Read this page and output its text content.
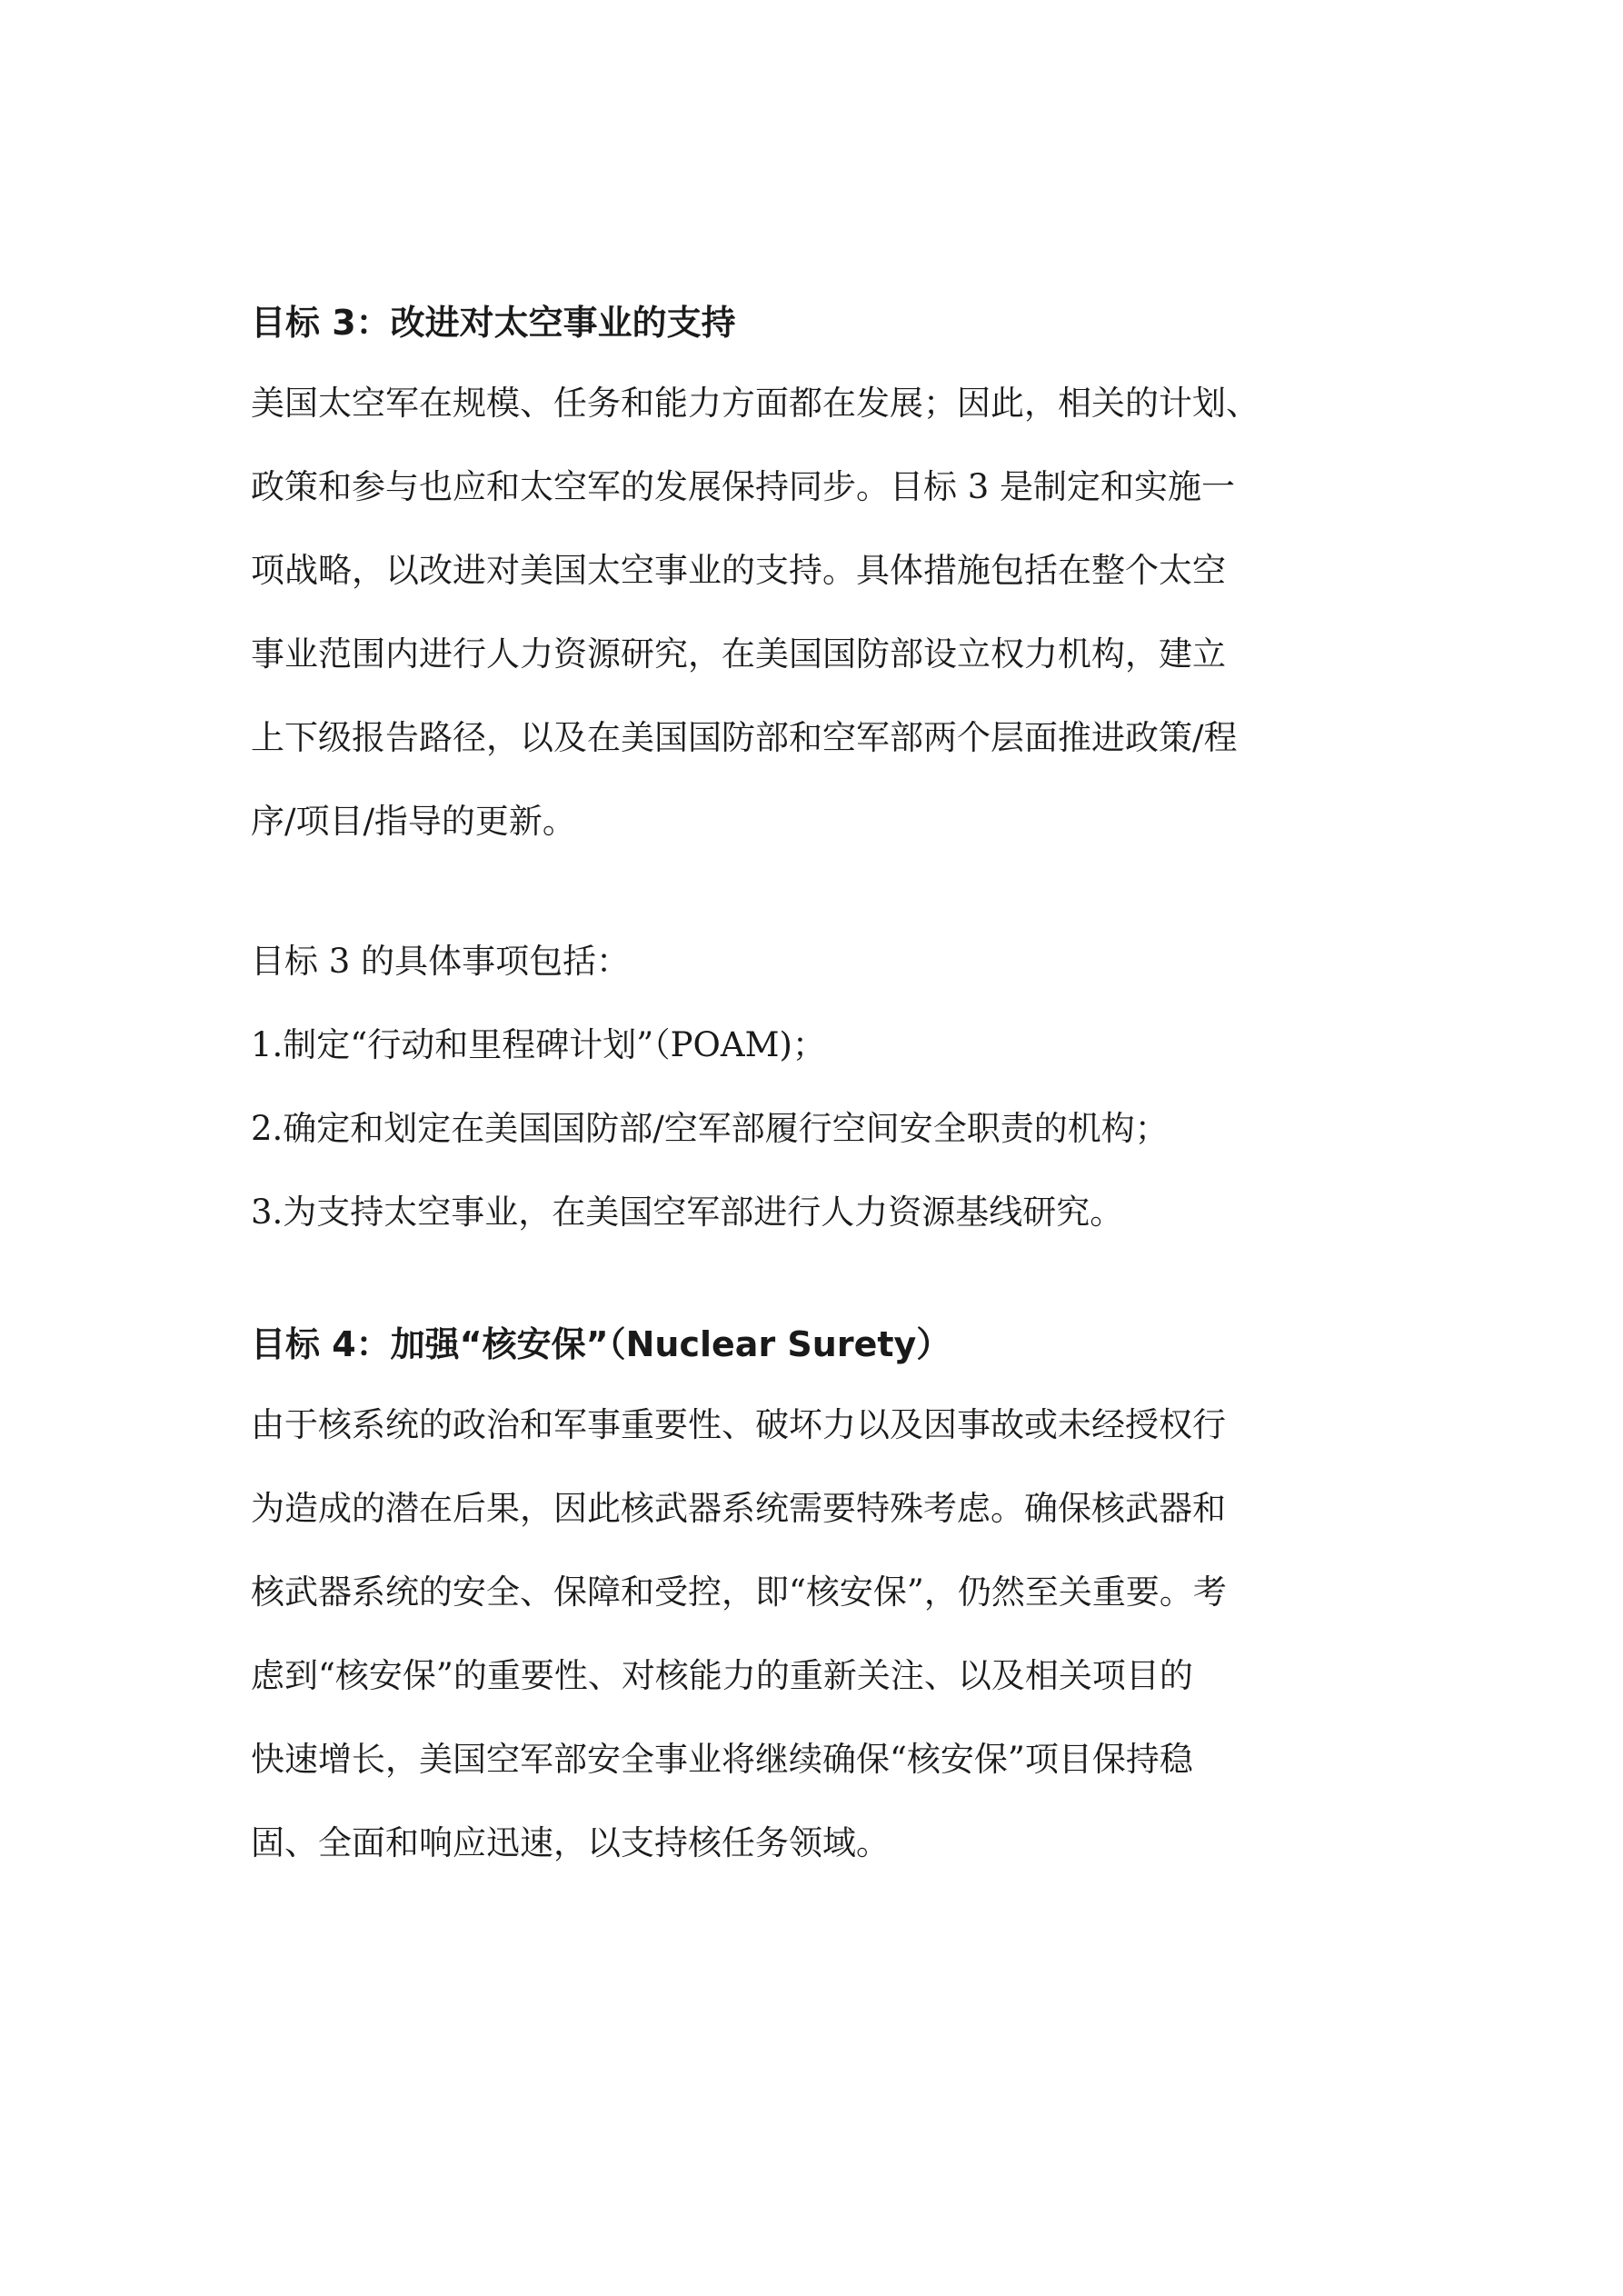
目标 3：改进对太空事业的支持

美国太空军在规模、任务和能力方面都在发展；因此，相关的计划、
政策和参与也应和太空军的发展保持同步。目标 3 是制定和实施一
项战略，以改进对美国太空事业的支持。具体措施包括在整个太空
事业范围内进行人力资源研究，在美国国防部设立权力机构，建立
上下级报告路径，以及在美国国防部和空军部两个层面推进政策/程
序/项目/指导的更新。

目标 3 的具体事项包括：

1.制定“行动和里程碑计划”（POAM)；
2.确定和划定在美国国防部/空军部履行空间安全职责的机构；
3.为支持太空事业，在美国空军部进行人力资源基线研究。
目标 4：加强“核安保”（Nuclear Surety）

由于核系统的政治和军事重要性、破坏力以及因事故或未经授权行
为造成的潜在后果，因此核武器系统需要特殊考虑。确保核武器和
核武器系统的安全、保障和受控，即“核安保”，仍然至关重要。考
虑到“核安保”的重要性、对核能力的重新关注、以及相关项目的
快速增长，美国空军部安全事业将继续确保“核安保”项目保持稳
固、全面和响应迅速，以支持核任务领域。
